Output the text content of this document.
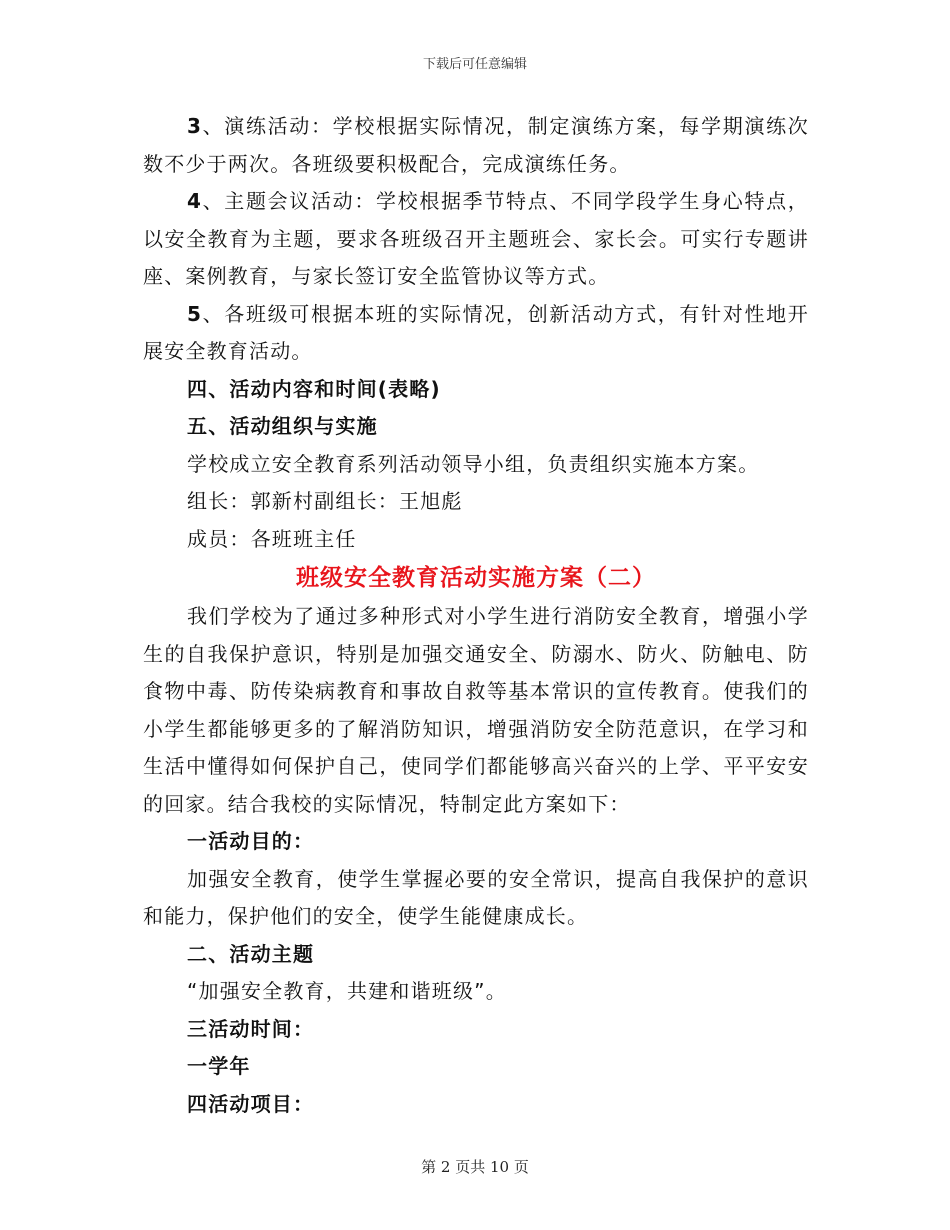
下载后可任意编辑

3、演练活动：学校根据实际情况，制定演练方案，每学期演练次数不少于两次。各班级要积极配合，完成演练任务。

4、主题会议活动：学校根据季节特点、不同学段学生身心特点，以安全教育为主题，要求各班级召开主题班会、家长会。可实行专题讲座、案例教育，与家长签订安全监管协议等方式。

5、各班级可根据本班的实际情况，创新活动方式，有针对性地开展安全教育活动。

四、活动内容和时间(表略)

五、活动组织与实施

学校成立安全教育系列活动领导小组，负责组织实施本方案。

组长：郭新村副组长：王旭彪

成员：各班班主任

班级安全教育活动实施方案（二）

我们学校为了通过多种形式对小学生进行消防安全教育，增强小学生的自我保护意识，特别是加强交通安全、防溺水、防火、防触电、防食物中毒、防传染病教育和事故自救等基本常识的宣传教育。使我们的小学生都能够更多的了解消防知识，增强消防安全防范意识，在学习和生活中懂得如何保护自己，使同学们都能够高兴奋兴的上学、平平安安的回家。结合我校的实际情况，特制定此方案如下：

一活动目的：

加强安全教育，使学生掌握必要的安全常识，提高自我保护的意识和能力，保护他们的安全，使学生能健康成长。

二、活动主题

“加强安全教育，共建和谐班级”。

三活动时间：

一学年

四活动项目：

第 2 页共 10 页
